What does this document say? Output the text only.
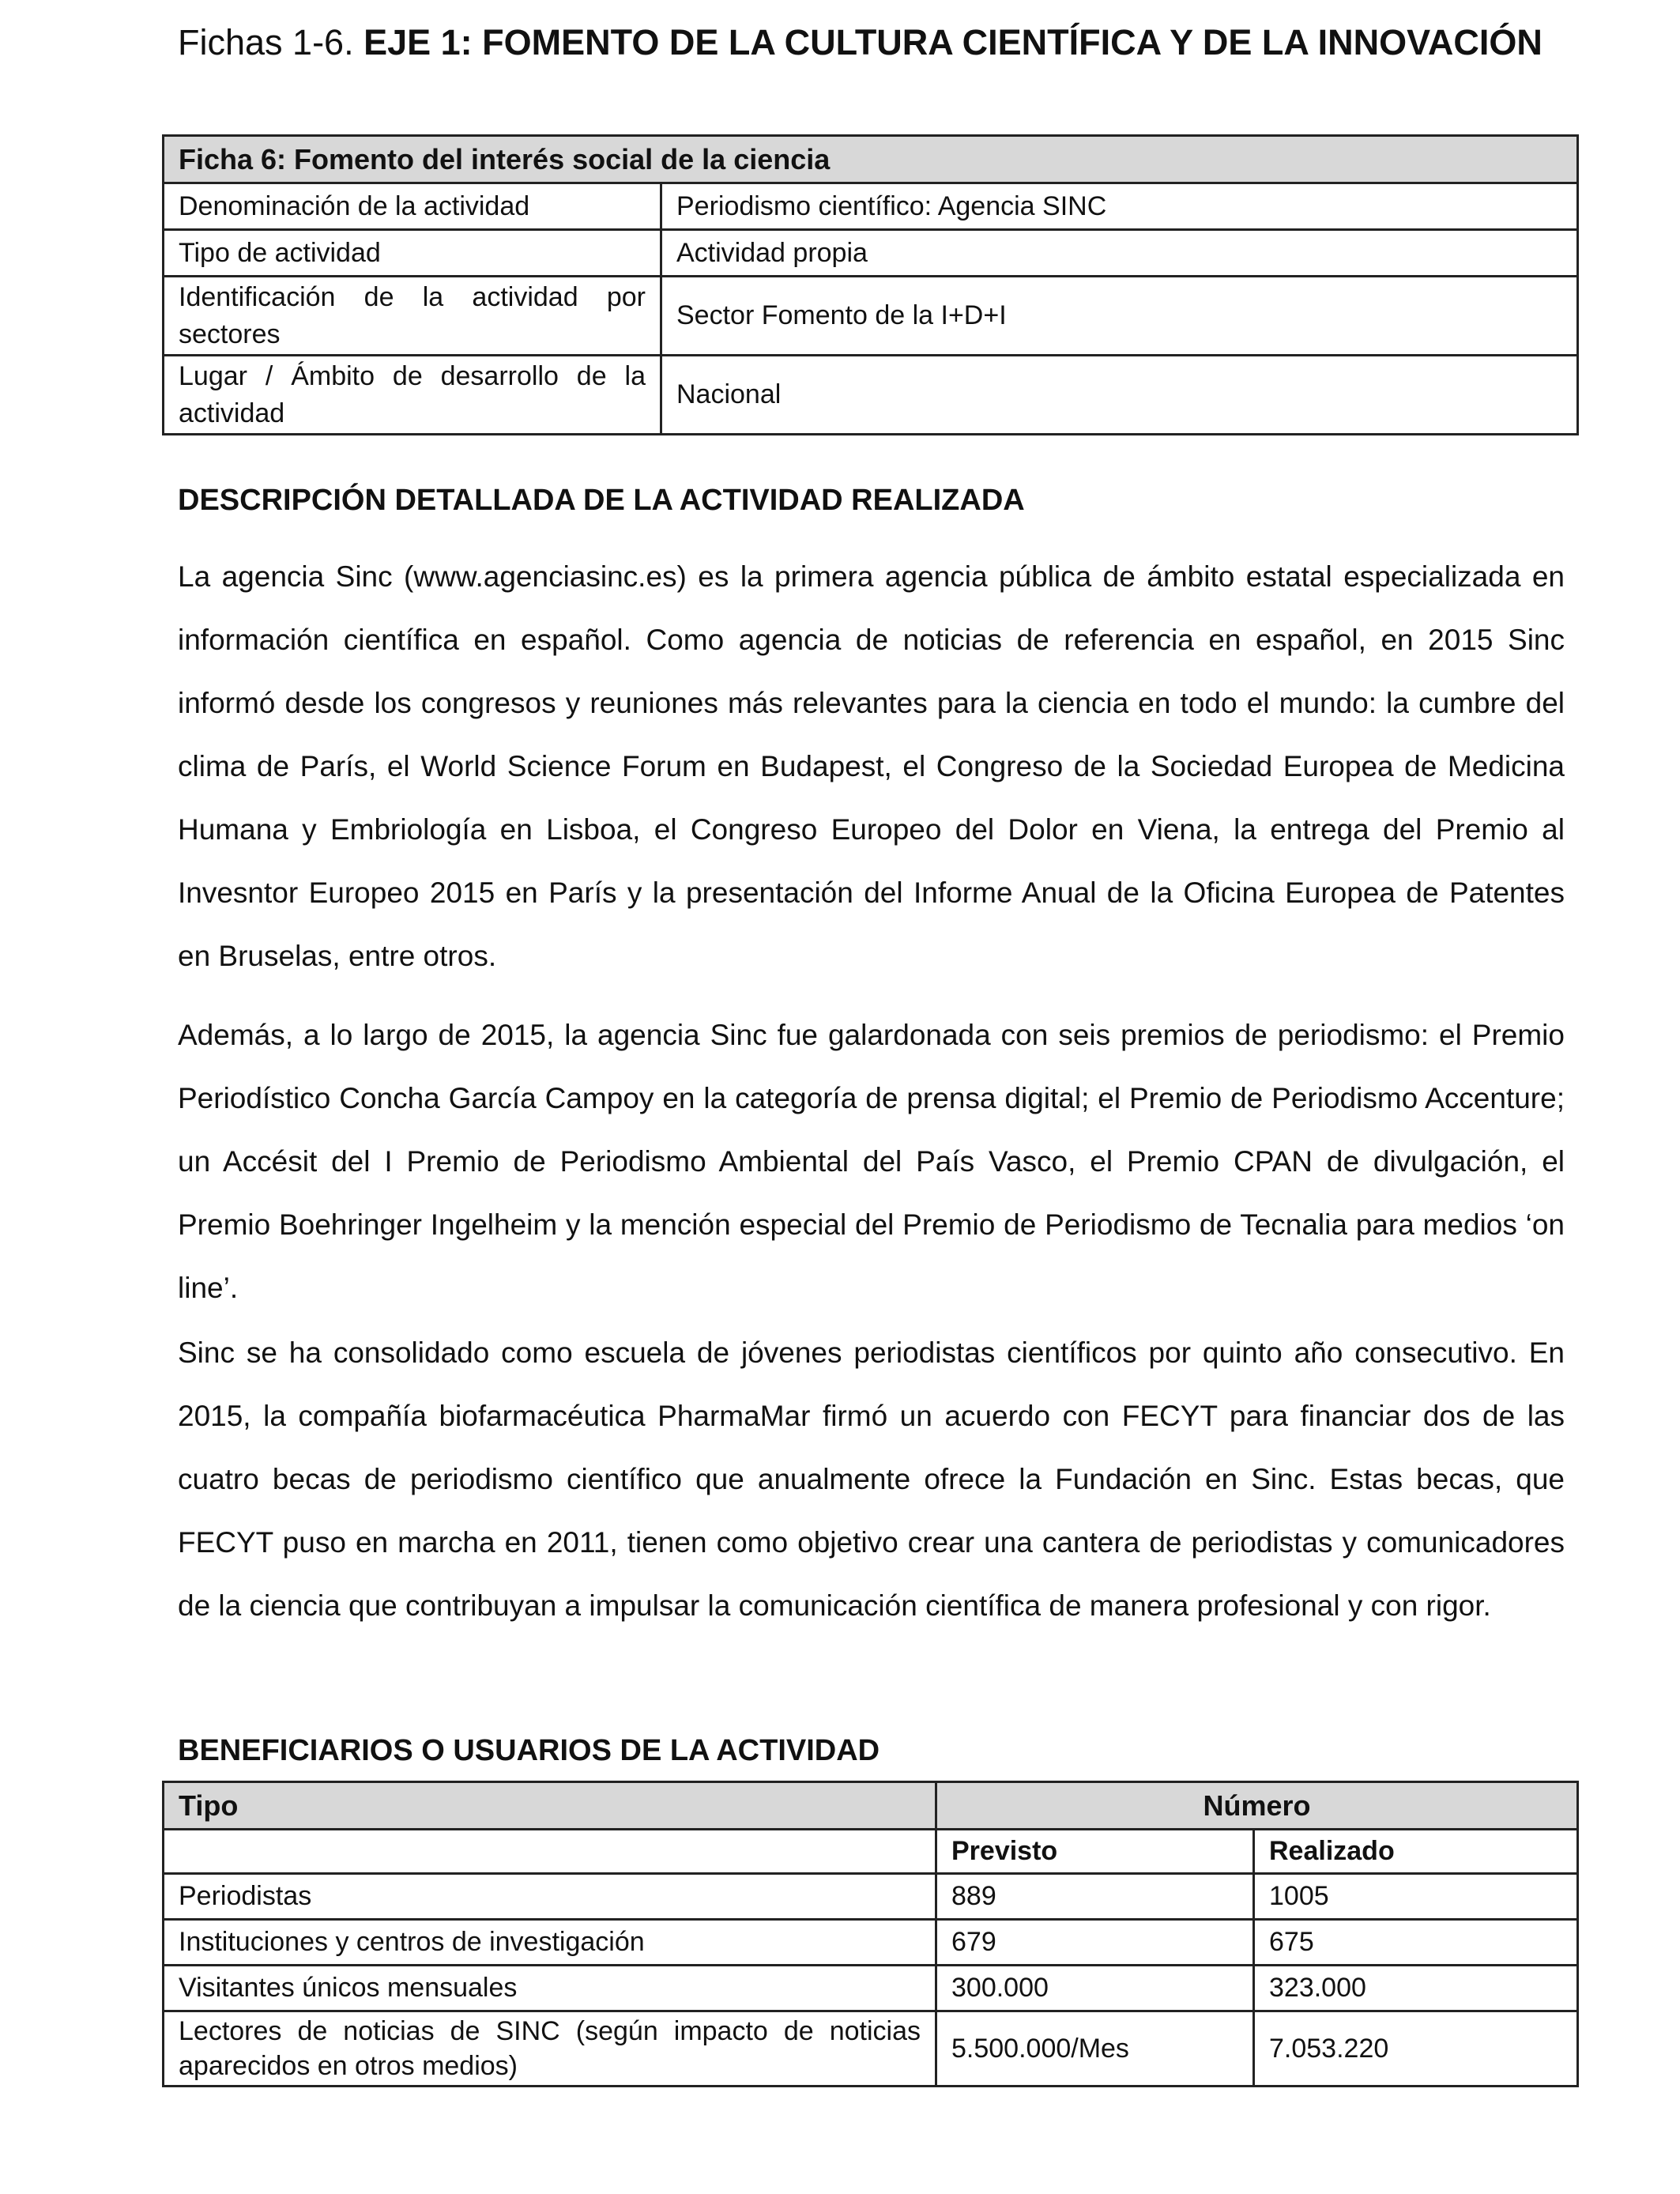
Fichas 1-6. EJE 1: FOMENTO DE LA CULTURA CIENTÍFICA Y DE LA INNOVACIÓN
Ficha 6: Fomento del interés social de la ciencia	
Denominación de la actividad	Periodismo científico: Agencia SINC
Tipo de actividad	Actividad propia
Identificación de la actividad por sectores	Sector Fomento de la I+D+I
Lugar / Ámbito de desarrollo de la actividad	Nacional
DESCRIPCIÓN DETALLADA DE LA ACTIVIDAD REALIZADA

La agencia Sinc (www.agenciasinc.es) es la primera agencia pública de ámbito estatal especializada en información científica en español. Como agencia de noticias de referencia en español, en 2015 Sinc informó desde los congresos y reuniones más relevantes para la ciencia en todo el mundo: la cumbre del clima de París, el World Science Forum en Budapest, el Congreso de la Sociedad Europea de Medicina Humana y Embriología en Lisboa, el Congreso Europeo del Dolor en Viena, la entrega del Premio al Invesntor Europeo 2015 en París y la presentación del Informe Anual de la Oficina Europea de Patentes en Bruselas, entre otros.

Además, a lo largo de 2015, la agencia Sinc fue galardonada con seis premios de periodismo: el Premio Periodístico Concha García Campoy en la categoría de prensa digital; el Premio de Periodismo Accenture; un Accésit del I Premio de Periodismo Ambiental del País Vasco, el Premio CPAN de divulgación, el Premio Boehringer Ingelheim y la mención especial del Premio de Periodismo de Tecnalia para medios ‘on line’.

Sinc se ha consolidado como escuela de jóvenes periodistas científicos por quinto año consecutivo. En 2015, la compañía biofarmacéutica PharmaMar firmó un acuerdo con FECYT para financiar dos de las cuatro becas de periodismo científico que anualmente ofrece la Fundación en Sinc. Estas becas, que FECYT puso en marcha en 2011, tienen como objetivo crear una cantera de periodistas y comunicadores de la ciencia que contribuyan a impulsar la comunicación científica de manera profesional y con rigor.

BENEFICIARIOS O USUARIOS DE LA ACTIVIDAD
Tipo	Número	
	Previsto	Realizado
Periodistas	889	1005
Instituciones y centros de investigación	679	675
Visitantes únicos mensuales	300.000	323.000
Lectores de noticias de SINC (según impacto de noticias aparecidos en otros medios)	5.500.000/Mes	7.053.220
